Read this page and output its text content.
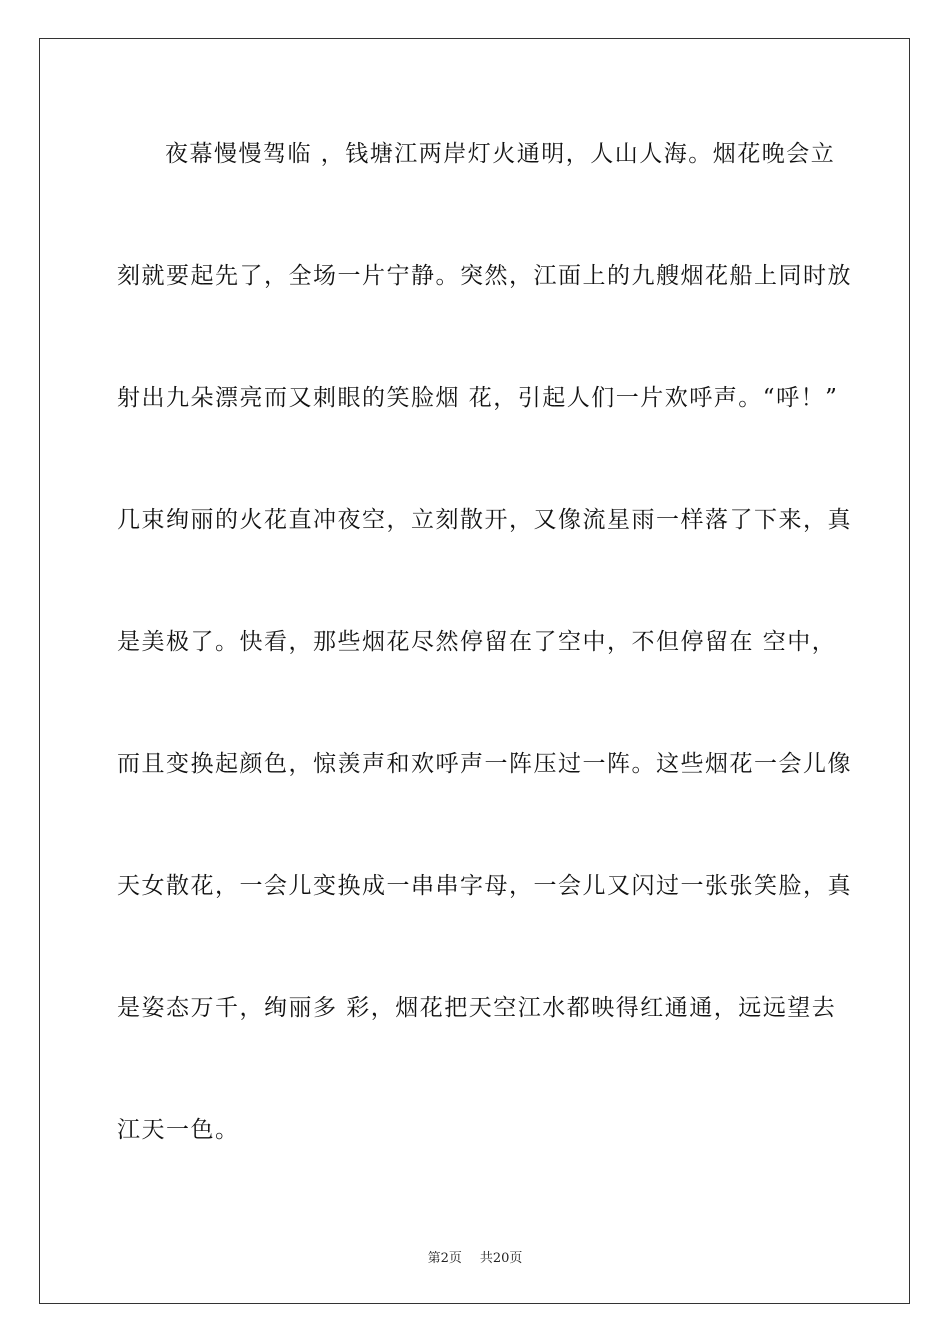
夜幕慢慢驾临 ，钱塘江两岸灯火通明，人山人海。烟花晚会立
刻就要起先了，全场一片宁静。突然，江面上的九艘烟花船上同时放
射出九朵漂亮而又刺眼的笑脸烟 花，引起人们一片欢呼声。“呼！”
几束绚丽的火花直冲夜空，立刻散开，又像流星雨一样落了下来，真
是美极了。快看，那些烟花尽然停留在了空中，不但停留在 空中，
而且变换起颜色，惊羡声和欢呼声一阵压过一阵。这些烟花一会儿像
天女散花，一会儿变换成一串串字母，一会儿又闪过一张张笑脸，真
是姿态万千，绚丽多 彩，烟花把天空江水都映得红通通，远远望去
江天一色。
第2页 共20页
